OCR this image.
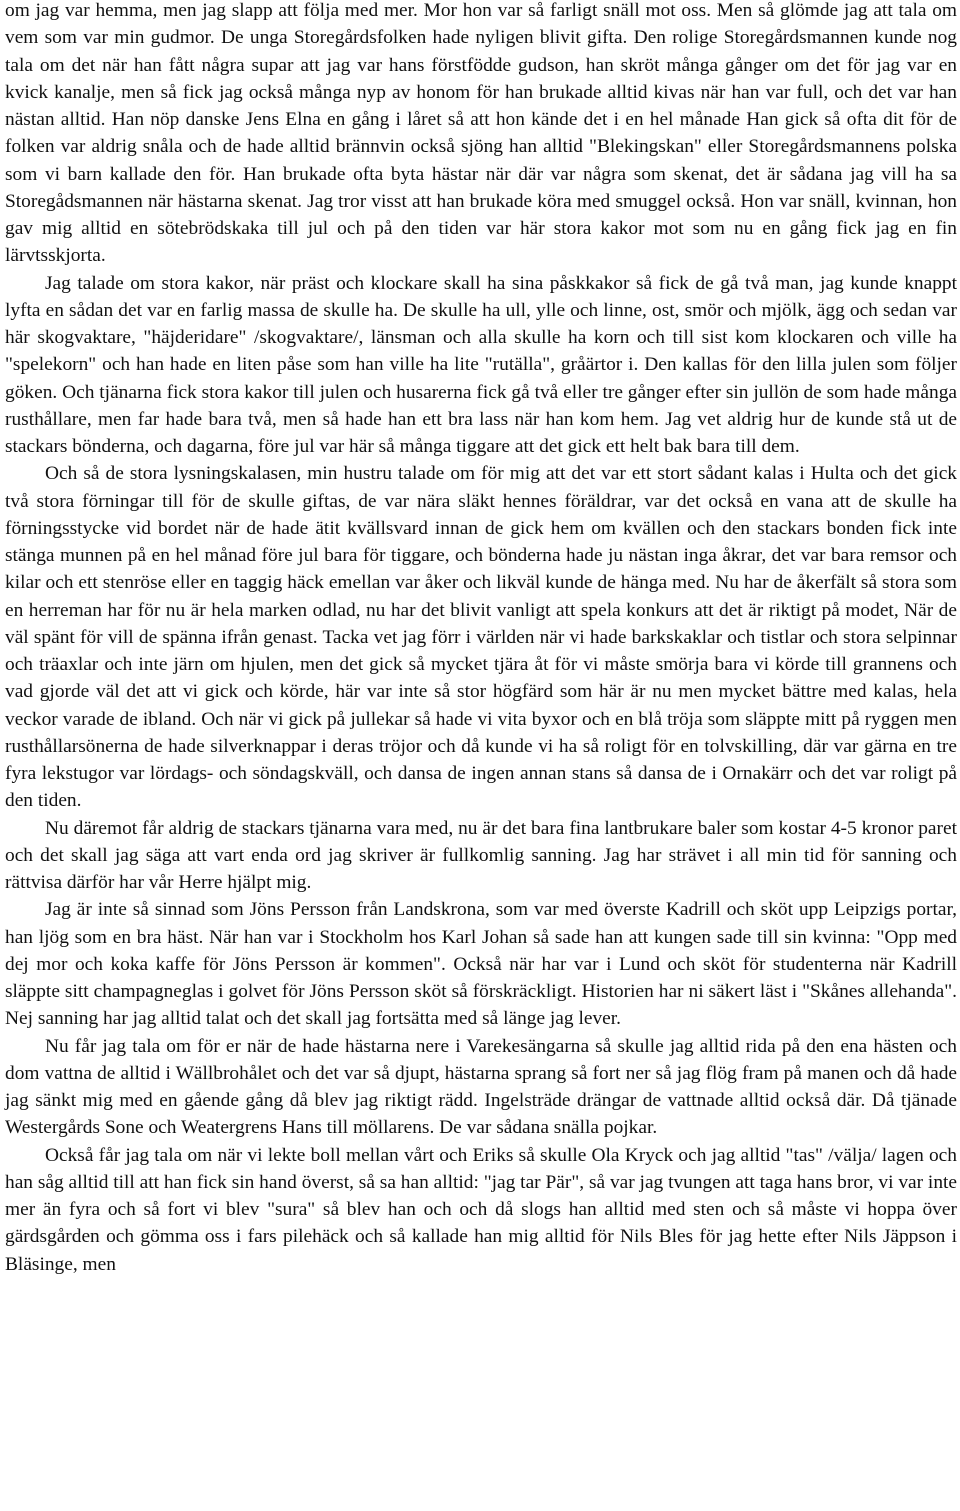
om jag var hemma, men jag slapp att följa med mer. Mor hon var så farligt snäll mot oss. Men så glömde jag att tala om vem som var min gudmor. De unga Storegårdsfolken hade nyligen blivit gifta. Den rolige Storegårdsmannen kunde nog tala om det när han fått några supar att jag var hans förstfödde gudson, han skröt många gånger om det för jag var en kvick kanalje, men så fick jag också många nyp av honom för han brukade alltid kivas när han var full, och det var han nästan alltid. Han nöp danske Jens Elna en gång i låret så att hon kände det i en hel månade Han gick så ofta dit för de folken var aldrig snåla och de hade alltid brännvin också sjöng han alltid "Blekingskan" eller Storegårdsmannens polska som vi barn kallade den för. Han brukade ofta byta hästar när där var några som skenat, det är sådana jag vill ha sa Storegådsmannen när hästarna skenat. Jag tror visst att han brukade köra med smuggel också. Hon var snäll, kvinnan, hon gav mig alltid en sötebrödskaka till jul och på den tiden var här stora kakor mot som nu en gång fick jag en fin lärvtsskjorta.

Jag talade om stora kakor, när präst och klockare skall ha sina påskkakor så fick de gå två man, jag kunde knappt lyfta en sådan det var en farlig massa de skulle ha. De skulle ha ull, ylle och linne, ost, smör och mjölk, ägg och sedan var här skogvaktare, "häjderidare" /skogvaktare/, länsman och alla skulle ha korn och till sist kom klockaren och ville ha "spelekorn" och han hade en liten påse som han ville ha lite "rutälla", gråärtor i. Den kallas för den lilla julen som följer göken. Och tjänarna fick stora kakor till julen och husarerna fick gå två eller tre gånger efter sin jullön de som hade många rusthållare, men far hade bara två, men så hade han ett bra lass när han kom hem. Jag vet aldrig hur de kunde stå ut de stackars bönderna, och dagarna, före jul var här så många tiggare att det gick ett helt bak bara till dem.

Och så de stora lysningskalasen, min hustru talade om för mig att det var ett stort sådant kalas i Hulta och det gick två stora förningar till för de skulle giftas, de var nära släkt hennes föräldrar, var det också en vana att de skulle ha förningsstycke vid bordet när de hade ätit kvällsvard innan de gick hem om kvällen och den stackars bonden fick inte stänga munnen på en hel månad före jul bara för tiggare, och bönderna hade ju nästan inga åkrar, det var bara remsor och kilar och ett stenröse eller en taggig häck emellan var åker och likväl kunde de hänga med. Nu har de åkerfält så stora som en herreman har för nu är hela marken odlad, nu har det blivit vanligt att spela konkurs att det är riktigt på modet, När de väl spänt för vill de spänna ifrån genast. Tacka vet jag förr i världen när vi hade barkskaklar och tistlar och stora selpinnar och träaxlar och inte järn om hjulen, men det gick så mycket tjära åt för vi måste smörja bara vi körde till grannens och vad gjorde väl det att vi gick och körde, här var inte så stor högfärd som här är nu men mycket bättre med kalas, hela veckor varade de ibland. Och när vi gick på jullekar så hade vi vita byxor och en blå tröja som släppte mitt på ryggen men rusthållarsönerna de hade silverknappar i deras tröjor och då kunde vi ha så roligt för en tolvskilling, där var gärna en tre fyra lekstugor var lördags- och söndagskväll, och dansa de ingen annan stans så dansa de i Ornakärr och det var roligt på den tiden.

Nu däremot får aldrig de stackars tjänarna vara med, nu är det bara fina lantbrukare baler som kostar 4-5 kronor paret och det skall jag säga att vart enda ord jag skriver är fullkomlig sanning. Jag har strävet i all min tid för sanning och rättvisa därför har vår Herre hjälpt mig.

Jag är inte så sinnad som Jöns Persson från Landskrona, som var med överste Kadrill och sköt upp Leipzigs portar, han ljög som en bra häst. När han var i Stockholm hos Karl Johan så sade han att kungen sade till sin kvinna: "Opp med dej mor och koka kaffe för Jöns Persson är kommen". Också när har var i Lund och sköt för studenterna när Kadrill släppte sitt champagneglas i golvet för Jöns Persson sköt så förskräckligt. Historien har ni säkert läst i "Skånes allehanda". Nej sanning har jag alltid talat och det skall jag fortsätta med så länge jag lever.

Nu får jag tala om för er när de hade hästarna nere i Varekesängarna så skulle jag alltid rida på den ena hästen och dom vattna de alltid i Wällbrohålet och det var så djupt, hästarna sprang så fort ner så jag flög fram på manen och då hade jag sänkt mig med en gående gång då blev jag riktigt rädd. Ingelsträde drängar de vattnade alltid också där. Då tjänade Westergårds Sone och Weatergrens Hans till möllarens. De var sådana snälla pojkar.

Också får jag tala om när vi lekte boll mellan vårt och Eriks så skulle Ola Kryck och jag alltid "tas" /välja/ lagen och han såg alltid till att han fick sin hand överst, så sa han alltid: "jag tar Pär", så var jag tvungen att taga hans bror, vi var inte mer än fyra och så fort vi blev "sura" så blev han och och då slogs han alltid med sten och så måste vi hoppa över gärdsgården och gömma oss i fars pilehäck och så kallade han mig alltid för Nils Bles för jag hette efter Nils Jäppson i Bläsinge, men
